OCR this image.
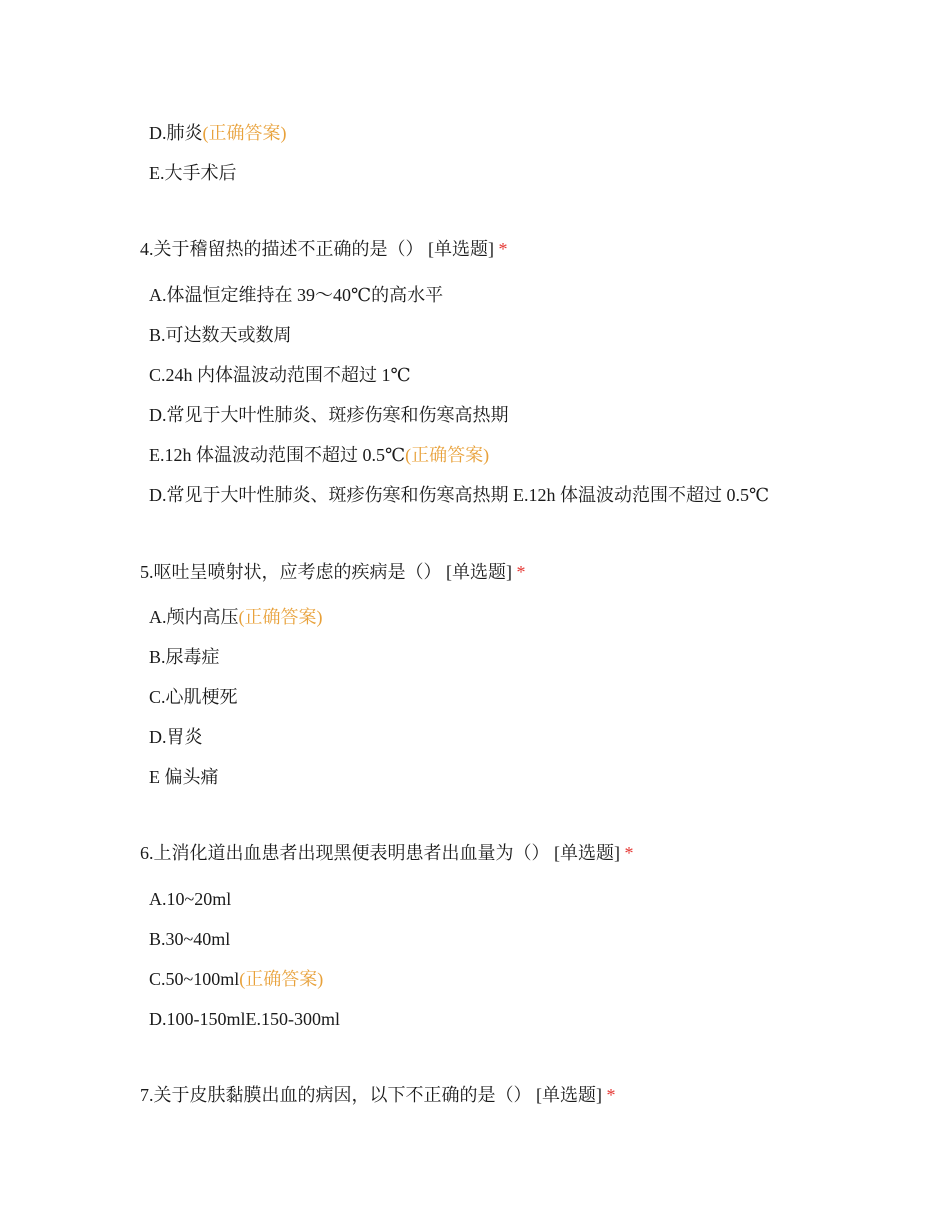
D.肺炎(正确答案)
E.大手术后
4.关于稽留热的描述不正确的是（） [单选题] *
A.体温恒定维持在 39～40℃的高水平
B.可达数天或数周
C.24h 内体温波动范围不超过 1℃
D.常见于大叶性肺炎、斑疹伤寒和伤寒高热期
E.12h 体温波动范围不超过 0.5℃(正确答案)
D.常见于大叶性肺炎、斑疹伤寒和伤寒高热期 E.12h 体温波动范围不超过 0.5℃
5.呕吐呈喷射状，应考虑的疾病是（） [单选题] *
A.颅内高压(正确答案)
B.尿毒症
C.心肌梗死
D.胃炎
E 偏头痛
6.上消化道出血患者出现黑便表明患者出血量为（） [单选题] *
A.10~20ml
B.30~40ml
C.50~100ml(正确答案)
D.100-150mlE.150-300ml
7.关于皮肤黏膜出血的病因，以下不正确的是（） [单选题] *
